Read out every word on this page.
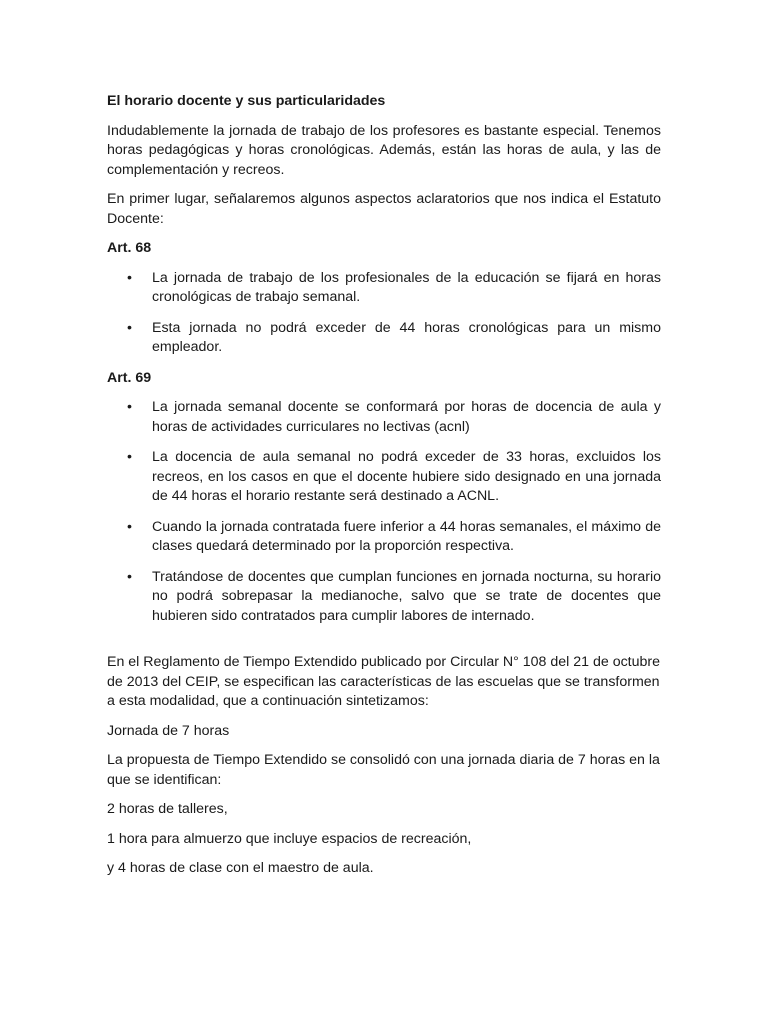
El horario docente y sus particularidades

Indudablemente la jornada de trabajo de los profesores es bastante especial. Tenemos horas pedagógicas y horas cronológicas. Además, están las horas de aula, y las de complementación y recreos.

En primer lugar, señalaremos algunos aspectos aclaratorios que nos indica el Estatuto Docente:

Art. 68
• La jornada de trabajo de los profesionales de la educación se fijará en horas cronológicas de trabajo semanal.
• Esta jornada no podrá exceder de 44 horas cronológicas para un mismo empleador.
Art. 69
• La jornada semanal docente se conformará por horas de docencia de aula y horas de actividades curriculares no lectivas (acnl)
• La docencia de aula semanal no podrá exceder de 33 horas, excluidos los recreos, en los casos en que el docente hubiere sido designado en una jornada de 44 horas el horario restante será destinado a ACNL.
• Cuando la jornada contratada fuere inferior a 44 horas semanales, el máximo de clases quedará determinado por la proporción respectiva.
• Tratándose de docentes que cumplan funciones en jornada nocturna, su horario no podrá sobrepasar la medianoche, salvo que se trate de docentes que hubieren sido contratados para cumplir labores de internado.

En el Reglamento de Tiempo Extendido publicado por Circular N° 108 del 21 de octubre de 2013 del CEIP, se especifican las características de las escuelas que se transformen a esta modalidad, que a continuación sintetizamos:

Jornada de 7 horas

La propuesta de Tiempo Extendido se consolidó con una jornada diaria de 7 horas en la que se identifican:

2 horas de talleres,

1 hora para almuerzo que incluye espacios de recreación,

y 4 horas de clase con el maestro de aula.
